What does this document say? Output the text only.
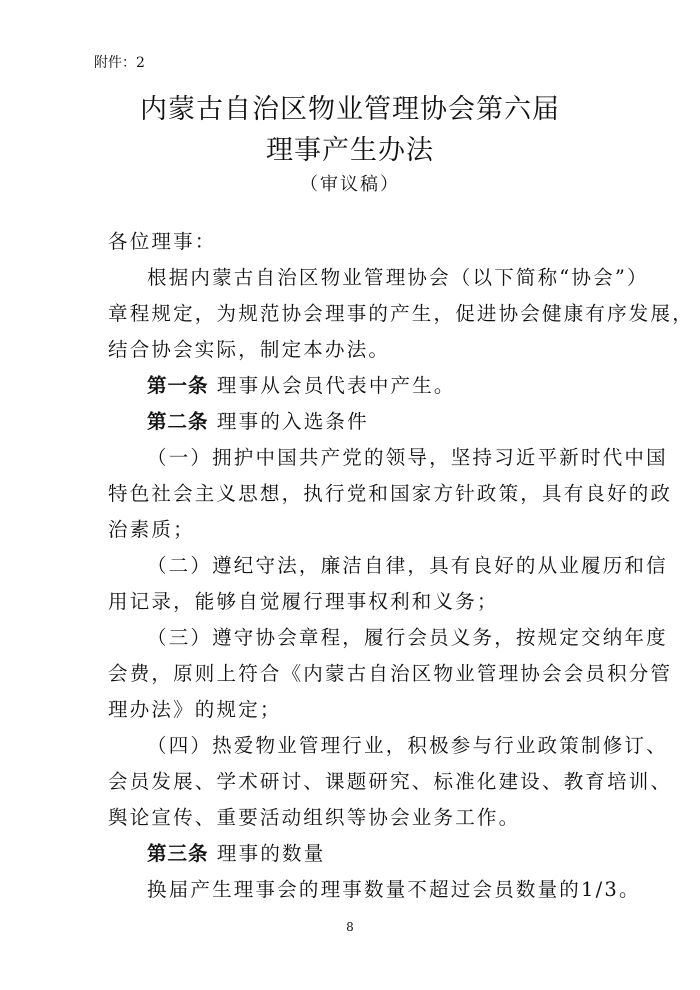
附件：2
内蒙古自治区物业管理协会第六届
理事产生办法
（审议稿）
各位理事：
根据内蒙古自治区物业管理协会（以下简称“协会”）
章程规定，为规范协会理事的产生，促进协会健康有序发展，
结合协会实际，制定本办法。
第一条 理事从会员代表中产生。
第二条 理事的入选条件
（一）拥护中国共产党的领导，坚持习近平新时代中国
特色社会主义思想，执行党和国家方针政策，具有良好的政
治素质；
（二）遵纪守法，廉洁自律，具有良好的从业履历和信
用记录，能够自觉履行理事权利和义务；
（三）遵守协会章程，履行会员义务，按规定交纳年度
会费，原则上符合《内蒙古自治区物业管理协会会员积分管
理办法》的规定；
（四）热爱物业管理行业，积极参与行业政策制修订、
会员发展、学术研讨、课题研究、标准化建设、教育培训、
舆论宣传、重要活动组织等协会业务工作。
第三条 理事的数量
换届产生理事会的理事数量不超过会员数量的1/3。
8
